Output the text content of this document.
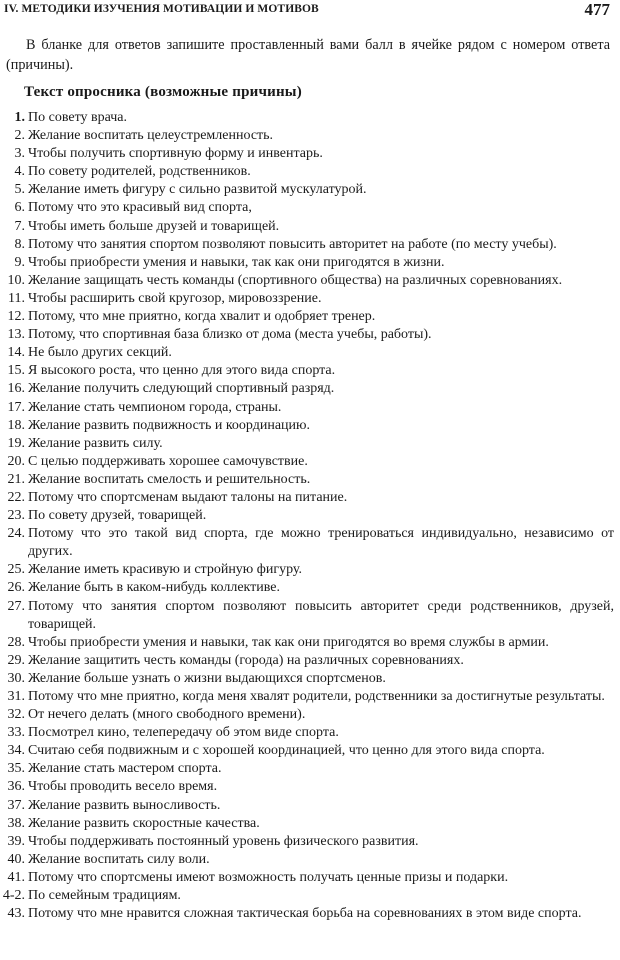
IV. МЕТОДИКИ ИЗУЧЕНИЯ МОТИВАЦИИ И МОТИВОВ	477

В бланке для ответов запишите проставленный вами балл в ячейке рядом с номером ответа (причины).

Текст опросника (возможные причины)
1. По совету врача.
2. Желание воспитать целеустремленность.
3. Чтобы получить спортивную форму и инвентарь.
4. По совету родителей, родственников.
5. Желание иметь фигуру с сильно развитой мускулатурой.
6. Потому что это красивый вид спорта,
7. Чтобы иметь больше друзей и товарищей.
8. Потому что занятия спортом позволяют повысить авторитет на работе (по месту учебы).
9. Чтобы приобрести умения и навыки, так как они пригодятся в жизни.
10. Желание защищать честь команды (спортивного общества) на различных соревнованиях.
11. Чтобы расширить свой кругозор, мировоззрение.
12. Потому, что мне приятно, когда хвалит и одобряет тренер.
13. Потому, что спортивная база близко от дома (места учебы, работы).
14. Не было других секций.
15. Я высокого роста, что ценно для этого вида спорта.
16. Желание получить следующий спортивный разряд.
17. Желание стать чемпионом города, страны.
18. Желание развить подвижность и координацию.
19. Желание развить силу.
20. С целью поддерживать хорошее самочувствие.
21. Желание воспитать смелость и решительность.
22. Потому что спортсменам выдают талоны на питание.
23. По совету друзей, товарищей.
24. Потому что это такой вид спорта, где можно тренироваться индивидуально, независимо от других.
25. Желание иметь красивую и стройную фигуру.
26. Желание быть в каком-нибудь коллективе.
27. Потому что занятия спортом позволяют повысить авторитет среди родственников, друзей, товарищей.
28. Чтобы приобрести умения и навыки, так как они пригодятся во время службы в армии.
29. Желание защитить честь команды (города) на различных соревнованиях.
30. Желание больше узнать о жизни выдающихся спортсменов.
31. Потому что мне приятно, когда меня хвалят родители, родственники за достигнутые результаты.
32. От нечего делать (много свободного времени).
33. Посмотрел кино, телепередачу об этом виде спорта.
34. Считаю себя подвижным и с хорошей координацией, что ценно для этого вида спорта.
35. Желание стать мастером спорта.
36. Чтобы проводить весело время.
37. Желание развить выносливость.
38. Желание развить скоростные качества.
39. Чтобы поддерживать постоянный уровень физического развития.
40. Желание воспитать силу воли.
41. Потому что спортсмены имеют возможность получать ценные призы и подарки.
4-2. По семейным традициям.
43. Потому что мне нравится сложная тактическая борьба на соревнованиях в этом виде спорта.
